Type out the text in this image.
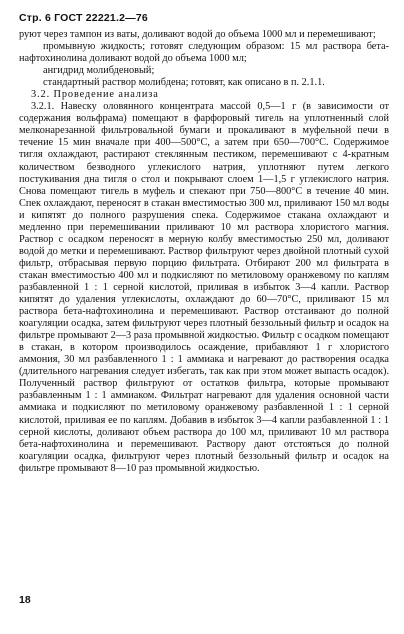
Стр. 6 ГОСТ 22221.2—76

руют через тампон из ваты, доливают водой до объема 1000 мл и перемешивают;

промывную жидкость; готовят следующим образом: 15 мл раствора бета-нафтохинолина доливают водой до объема 1000 мл;

ангидрид молибденовый;

стандартный раствор молибдена; готовят, как описано в п. 2.1.1.

3.2. Проведение анализа

3.2.1. Навеску оловянного концентрата массой 0,5—1 г (в зависимости от содержания вольфрама) помещают в фарфоровый тигель на уплотненный слой мелконарезанной фильтровальной бумаги и прокаливают в муфельной печи в течение 15 мин вначале при 400—500°С, а затем при 650—700°С. Содержимое тигля охлаждают, растирают стеклянным пестиком, перемешивают с 4-кратным количеством безводного углекислого натрия, уплотняют путем легкого постукивания дна тигля о стол и покрывают слоем 1—1,5 г углекислого натрия. Снова помещают тигель в муфель и спекают при 750—800°С в течение 40 мин. Спек охлаждают, переносят в стакан вместимостью 300 мл, приливают 150 мл воды и кипятят до полного разрушения спека. Содержимое стакана охлаждают и медленно при перемешивании приливают 10 мл раствора хлористого магния. Раствор с осадком переносят в мерную колбу вместимостью 250 мл, доливают водой до метки и перемешивают. Раствор фильтруют через двойной плотный сухой фильтр, отбрасывая первую порцию фильтрата. Отбирают 200 мл фильтрата в стакан вместимостью 400 мл и подкисляют по метиловому оранжевому по каплям разбавленной 1 : 1 серной кислотой, приливая в избыток 3—4 капли. Раствор кипятят до удаления углекислоты, охлаждают до 60—70°С, приливают 15 мл раствора бета-нафтохинолина и перемешивают. Раствор отстаивают до полной коагуляции осадка, затем фильтруют через плотный беззольный фильтр и осадок на фильтре промывают 2—3 раза промывной жидкостью. Фильтр с осадком помещают в стакан, в котором производилось осаждение, прибавляют 1 г хлористого аммония, 30 мл разбавленного 1 : 1 аммиака и нагревают до растворения осадка (длительного нагревания следует избегать, так как при этом может выпасть осадок). Полученный раствор фильтруют от остатков фильтра, которые промывают разбавленным 1 : 1 аммиаком. Фильтрат нагревают для удаления основной части аммиака и подкисляют по метиловому оранжевому разбавленной 1 : 1 серной кислотой, приливая ее по каплям. Добавив в избыток 3—4 капли разбавленной 1 : 1 серной кислоты, доливают объем раствора до 100 мл, приливают 10 мл раствора бета-нафтохинолина и перемешивают. Раствору дают отстояться до полной коагуляции осадка, фильтруют через плотный беззольный фильтр и осадок на фильтре промывают 8—10 раз промывной жидкостью.

18
